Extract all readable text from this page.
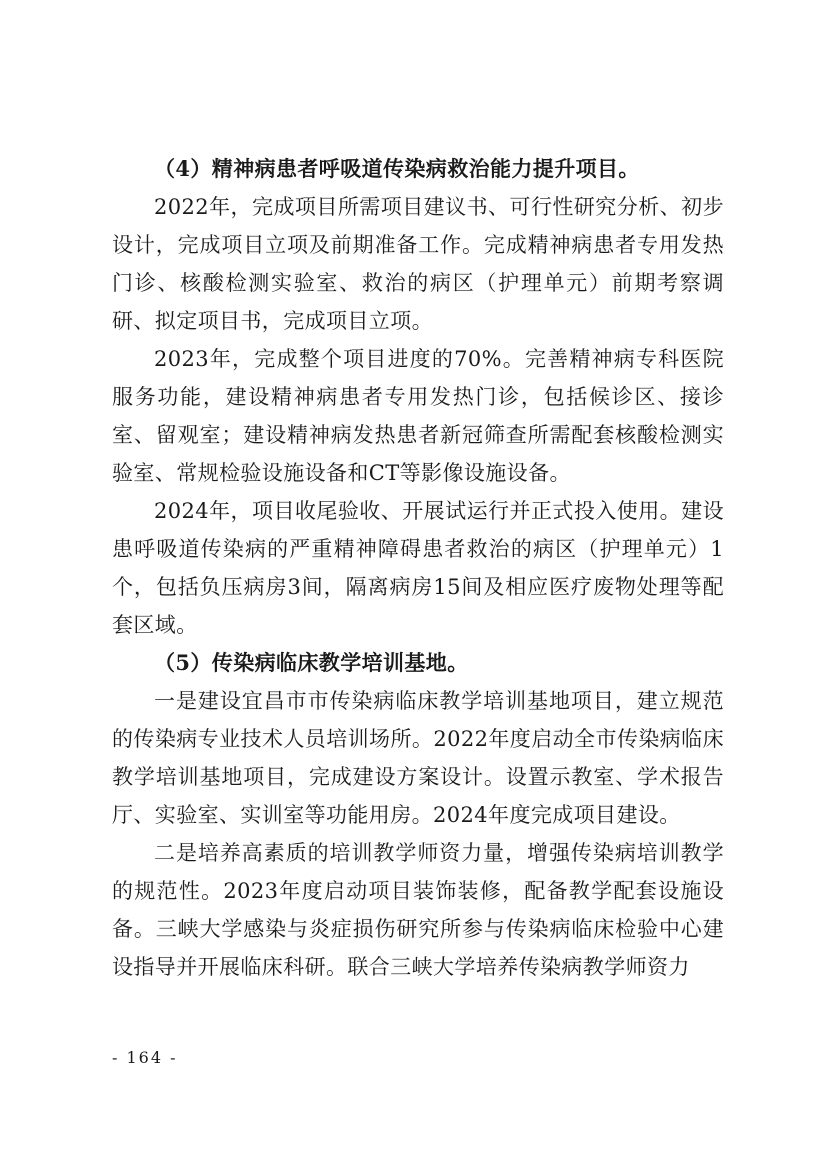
（4）精神病患者呼吸道传染病救治能力提升项目。

2022年，完成项目所需项目建议书、可行性研究分析、初步设计，完成项目立项及前期准备工作。完成精神病患者专用发热门诊、核酸检测实验室、救治的病区（护理单元）前期考察调研、拟定项目书，完成项目立项。

2023年，完成整个项目进度的70%。完善精神病专科医院服务功能，建设精神病患者专用发热门诊，包括候诊区、接诊室、留观室；建设精神病发热患者新冠筛查所需配套核酸检测实验室、常规检验设施设备和CT等影像设施设备。

2024年，项目收尾验收、开展试运行并正式投入使用。建设患呼吸道传染病的严重精神障碍患者救治的病区（护理单元）1个，包括负压病房3间，隔离病房15间及相应医疗废物处理等配套区域。

（5）传染病临床教学培训基地。

一是建设宜昌市市传染病临床教学培训基地项目，建立规范的传染病专业技术人员培训场所。2022年度启动全市传染病临床教学培训基地项目，完成建设方案设计。设置示教室、学术报告厅、实验室、实训室等功能用房。2024年度完成项目建设。

二是培养高素质的培训教学师资力量，增强传染病培训教学的规范性。2023年度启动项目装饰装修，配备教学配套设施设备。三峡大学感染与炎症损伤研究所参与传染病临床检验中心建设指导并开展临床科研。联合三峡大学培养传染病教学师资力

- 164 -
